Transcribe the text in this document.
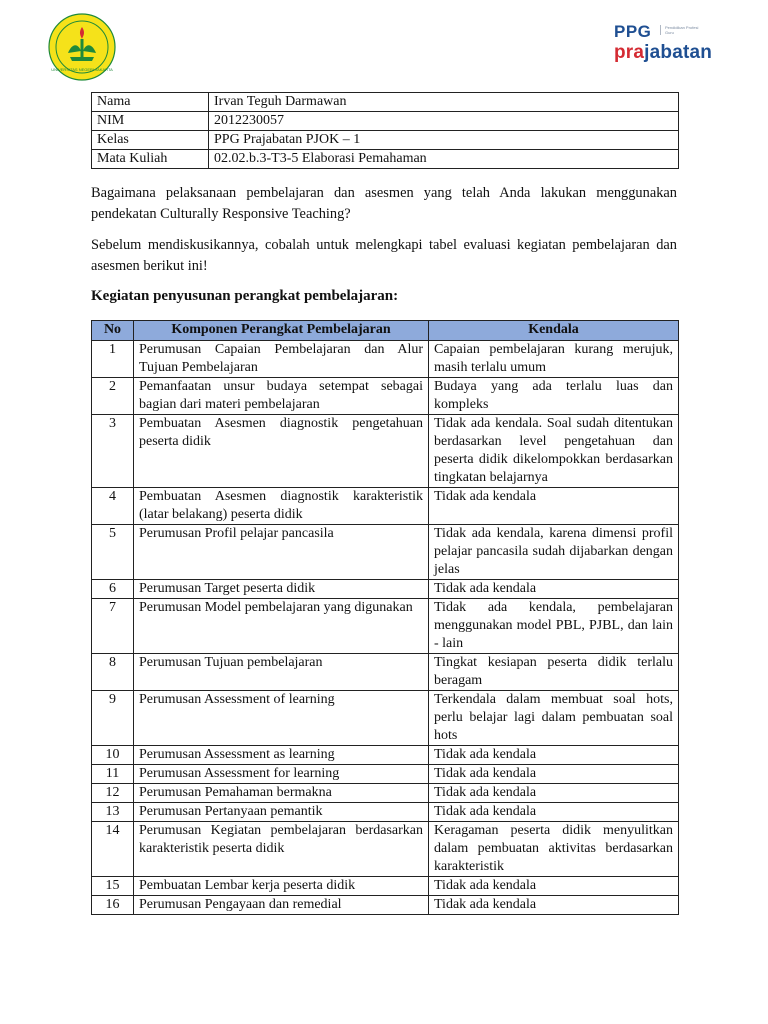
UNIVERSITAS NEGERI JAKARTA
PPG	Pendidikan Profesi Guru
prajabatan
Nama	Irvan Teguh Darmawan
NIM	2012230057
Kelas	PPG Prajabatan PJOK – 1
Mata Kuliah	02.02.b.3-T3-5 Elaborasi Pemahaman

Bagaimana pelaksanaan pembelajaran dan asesmen yang telah Anda lakukan menggunakan pendekatan Culturally Responsive Teaching?

Sebelum mendiskusikannya, cobalah untuk melengkapi tabel evaluasi kegiatan pembelajaran dan asesmen berikut ini!

Kegiatan penyusunan perangkat pembelajaran:

No	Komponen Perangkat Pembelajaran	Kendala
1	Perumusan Capaian Pembelajaran dan Alur Tujuan Pembelajaran	Capaian pembelajaran kurang merujuk, masih terlalu umum
2	Pemanfaatan unsur budaya setempat sebagai bagian dari materi pembelajaran	Budaya yang ada terlalu luas dan kompleks
3	Pembuatan Asesmen diagnostik pengetahuan peserta didik	Tidak ada kendala. Soal sudah ditentukan berdasarkan level pengetahuan dan peserta didik dikelompokkan berdasarkan tingkatan belajarnya
4	Pembuatan Asesmen diagnostik karakteristik (latar belakang) peserta didik	Tidak ada kendala
5	Perumusan Profil pelajar pancasila	Tidak ada kendala, karena dimensi profil pelajar pancasila sudah dijabarkan dengan jelas
6	Perumusan Target peserta didik	Tidak ada kendala
7	Perumusan Model pembelajaran yang digunakan	Tidak ada kendala, pembelajaran menggunakan model PBL, PJBL, dan lain - lain
8	Perumusan Tujuan pembelajaran	Tingkat kesiapan peserta didik terlalu beragam
9	Perumusan Assessment of learning	Terkendala dalam membuat soal hots, perlu belajar lagi dalam pembuatan soal hots
10	Perumusan Assessment as learning	Tidak ada kendala
11	Perumusan Assessment for learning	Tidak ada kendala
12	Perumusan Pemahaman bermakna	Tidak ada kendala
13	Perumusan Pertanyaan pemantik	Tidak ada kendala
14	Perumusan Kegiatan pembelajaran berdasarkan karakteristik peserta didik	Keragaman peserta didik menyulitkan dalam pembuatan aktivitas berdasarkan karakteristik
15	Pembuatan Lembar kerja peserta didik	Tidak ada kendala
16	Perumusan Pengayaan dan remedial	Tidak ada kendala
